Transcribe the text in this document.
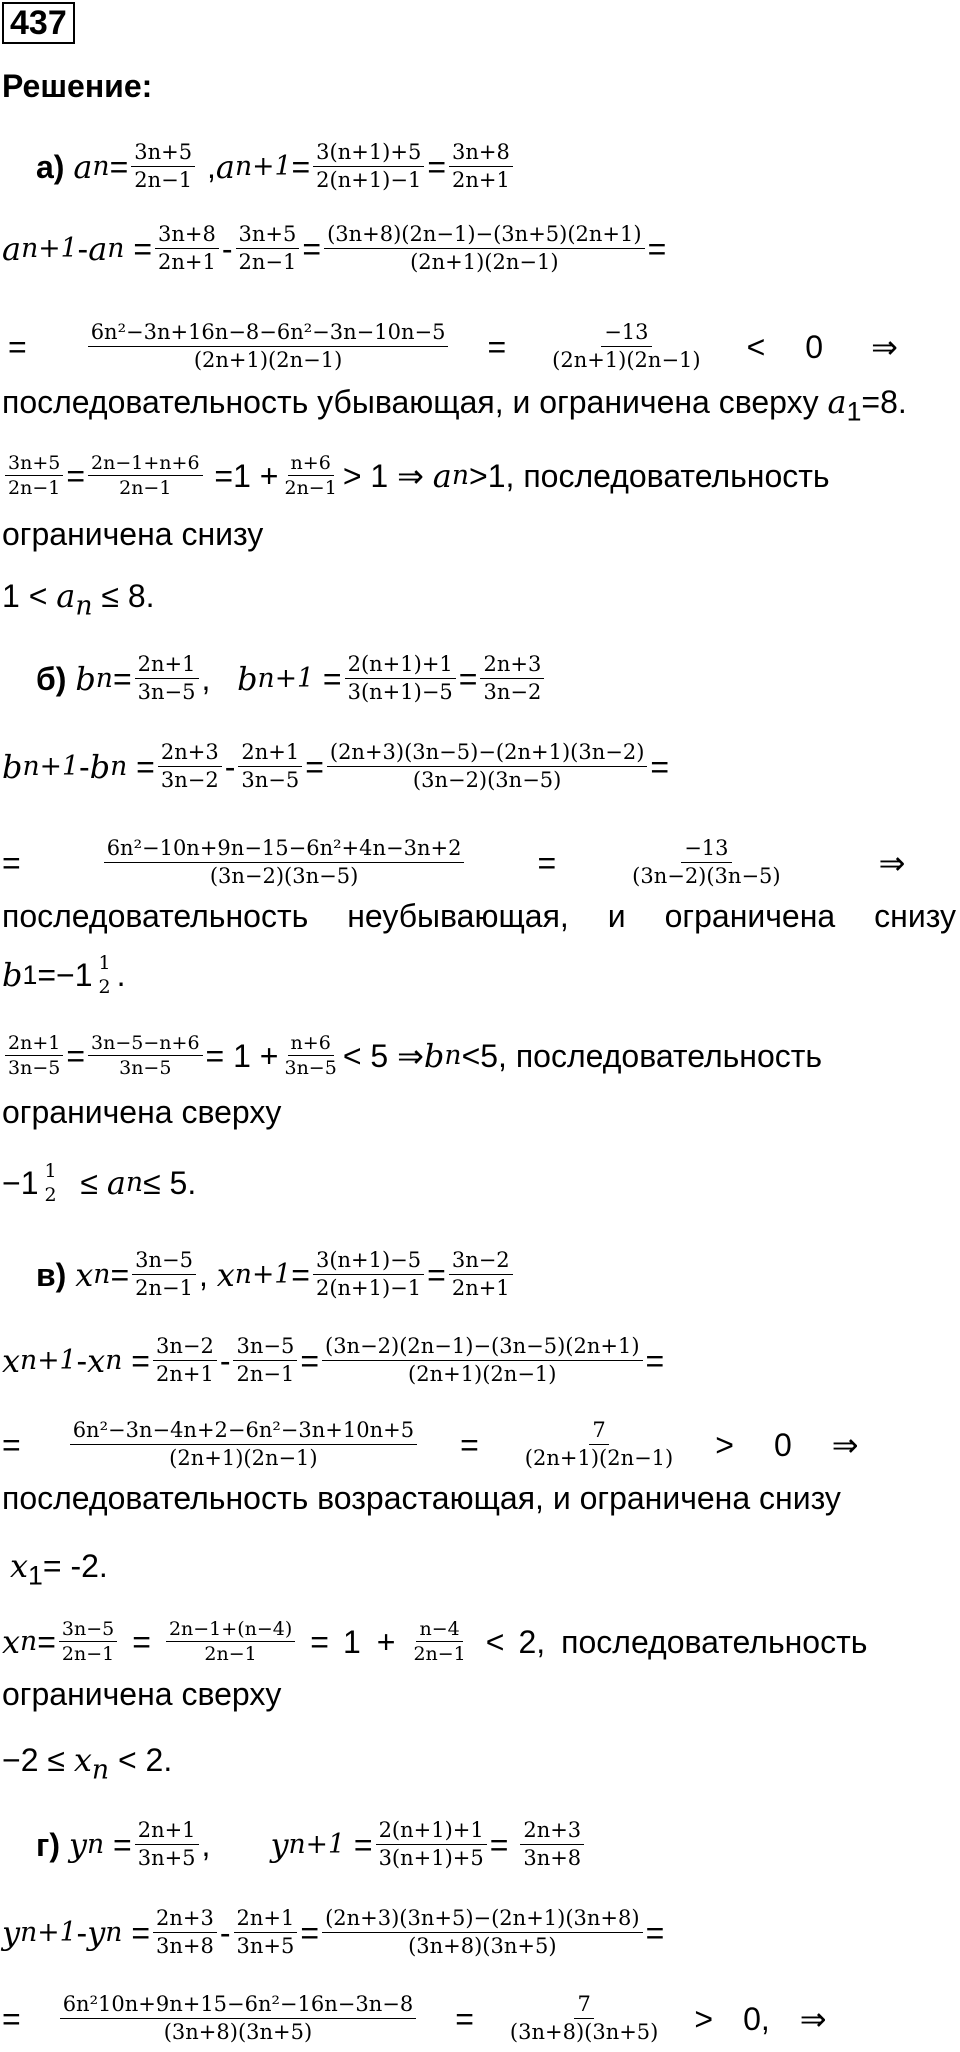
437
Решение:
а)
a $n = \frac{3n+5}{2n-1}$ , a $n+1 = \frac{3(n+1)+5}{2(n+1)-1} = \frac{3n+8}{2n+1}$
a n+1 - a $n = \frac{3n+8}{2n+1} - \frac{3n+5}{2n-1} = \frac{(3n+8)(2n-1)-(3n+5)(2n+1)}{(2n+1)(2n-1)}$ =
=	$\frac{\text{6n²−3n+16n−8−6n²−3n−10n−5}}{(2n+1)(2n-1)} = \frac{-13}{(2n+1)(2n-1)} < 0$ ⇒
последовательность убывающая, и ограничена сверху $a_1=8$.
$\frac{3n+5}{2n-1} = \frac{2n-1+n+6}{2n-1}$
$=1 + \frac{n+6}{2n-1} > 1$ ⇒
a n >1, последовательность
ограничена снизу
$1 < a_n \le 8$.
б)
b $n = \frac{2n+1}{3n-5}$ , b $n+1 = \frac{2(n+1)+1}{3(n+1)-5} = \frac{2n+3}{3n-2}$
b n+1 - b $n = \frac{2n+3}{3n-2} - \frac{2n+1}{3n-5} = \frac{(2n+3)(3n-5)-(2n+1)(3n-2)}{(3n-2)(3n-5)}$ =
=	$\frac{\text{6n²−10n+9n−15−6n²+4n−3n+2}}{(3n-2)(3n-5)}$ =	$\frac{-13}{(3n-2)(3n-5)}$	⇒
последовательность неубывающая, и ограничена снизу
b 1 =−1 1
2 .
$\frac{2n+1}{3n-5} = \frac{3n-5-n+6}{3n-5} = 1 + \frac{n+6}{3n-5} < 5$ ⇒ b n <5, последовательность
ограничена сверху
−1 1
2 ≤ a n ≤ 5.
в)
x $n = \frac{3n-5}{2n-1}$ , x $n+1 = \frac{3(n+1)-5}{2(n+1)-1} = \frac{3n-2}{2n+1}$
x n+1 - x $n = \frac{3n-2}{2n+1} - \frac{3n-5}{2n-1} = \frac{(3n-2)(2n-1)-(3n-5)(2n+1)}{(2n+1)(2n-1)}$ =
= $\frac{\text{6n²−3n−4n+2−6n²−3n+10n+5}}{(2n+1)(2n-1)} = \frac{7}{(2n+1)(2n-1)} > 0$ ⇒
последовательность возрастающая, и ограничена снизу
$x_1= -2$.
x $n = \frac{3n-5}{2n-1} = \frac{2n-1+(n-4)}{2n-1} = 1 + \frac{n-4}{2n-1} < 2$, последовательность
ограничена сверху
$-2 \le x_n < 2$.
г)
y $n = \frac{2n+1}{3n+5}$ , y $n+1 = \frac{2(n+1)+1}{3(n+1)+5} = \frac{2n+3}{3n+8}$
y n+1 - y $n = \frac{2n+3}{3n+8} - \frac{2n+1}{3n+5} = \frac{(2n+3)(3n+5)-(2n+1)(3n+8)}{(3n+8)(3n+5)}$ =
= $\frac{\text{6n²10n+9n+15−6n²−16n−3n−8}}{(3n+8)(3n+5)} = \frac{7}{(3n+8)(3n+5)} > 0$, ⇒
